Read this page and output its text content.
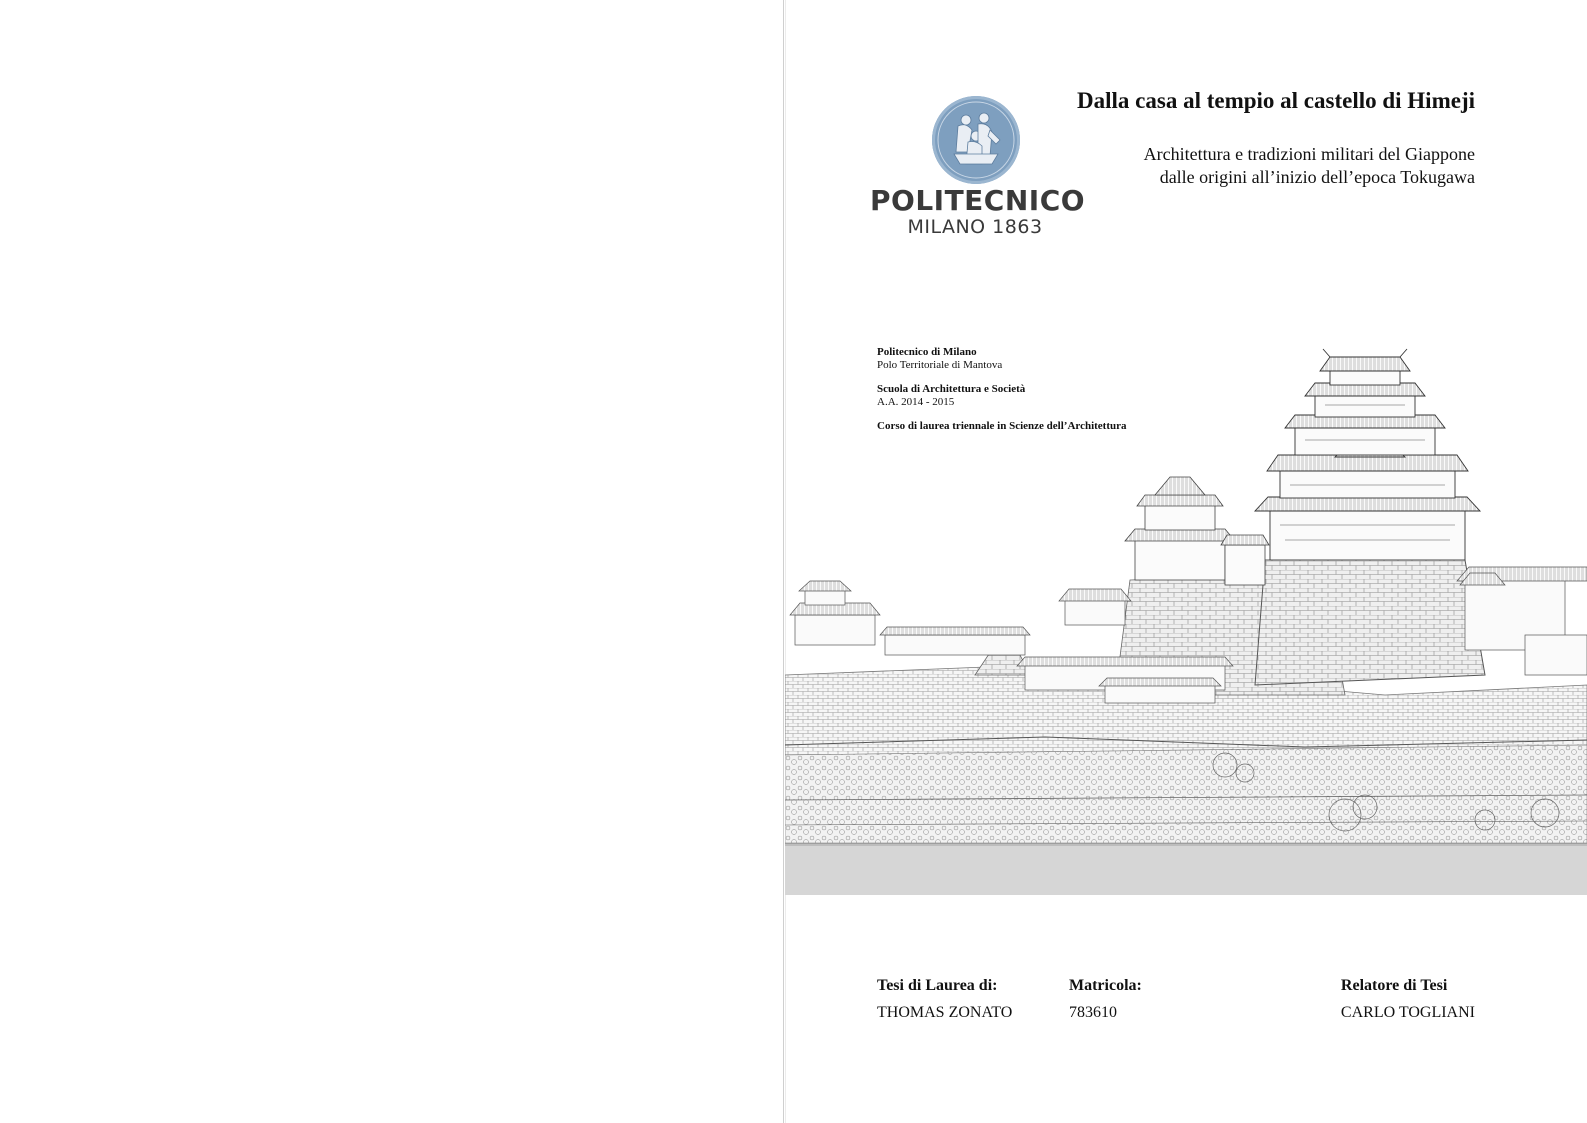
POLITECNICO
MILANO 1863
Dalla casa al tempio al castello di Himeji
Architettura e tradizioni militari del Giappone
dalle origini all’inizio dell’epoca Tokugawa
Politecnico di Milano
Polo Territoriale di Mantova
Scuola di Architettura e Società
A.A. 2014 - 2015
Corso di laurea triennale in Scienze dell’Architettura
Tesi di Laurea di:
THOMAS ZONATO
Matricola:
783610
Relatore di Tesi
CARLO TOGLIANI
